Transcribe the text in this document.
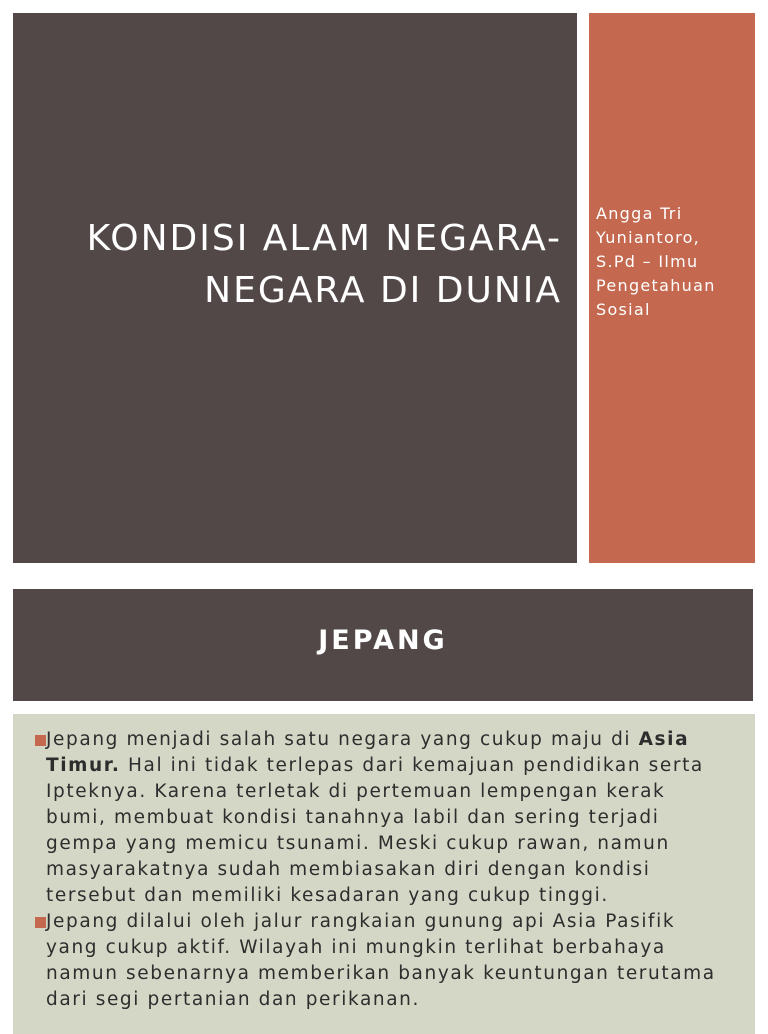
KONDISI ALAM NEGARA-
NEGARA DI DUNIA

Angga Tri
Yuniantoro,
S.Pd – Ilmu
Pengetahuan
Sosial

JEPANG
Jepang menjadi salah satu negara yang cukup maju di Asia Timur. Hal ini tidak terlepas dari kemajuan pendidikan serta Ipteknya. Karena terletak di pertemuan lempengan kerak bumi, membuat kondisi tanahnya labil dan sering terjadi gempa yang memicu tsunami. Meski cukup rawan, namun masyarakatnya sudah membiasakan diri dengan kondisi tersebut dan memiliki kesadaran yang cukup tinggi.
Jepang dilalui oleh jalur rangkaian gunung api Asia Pasifik yang cukup aktif. Wilayah ini mungkin terlihat berbahaya namun sebenarnya memberikan banyak keuntungan terutama dari segi pertanian dan perikanan.
